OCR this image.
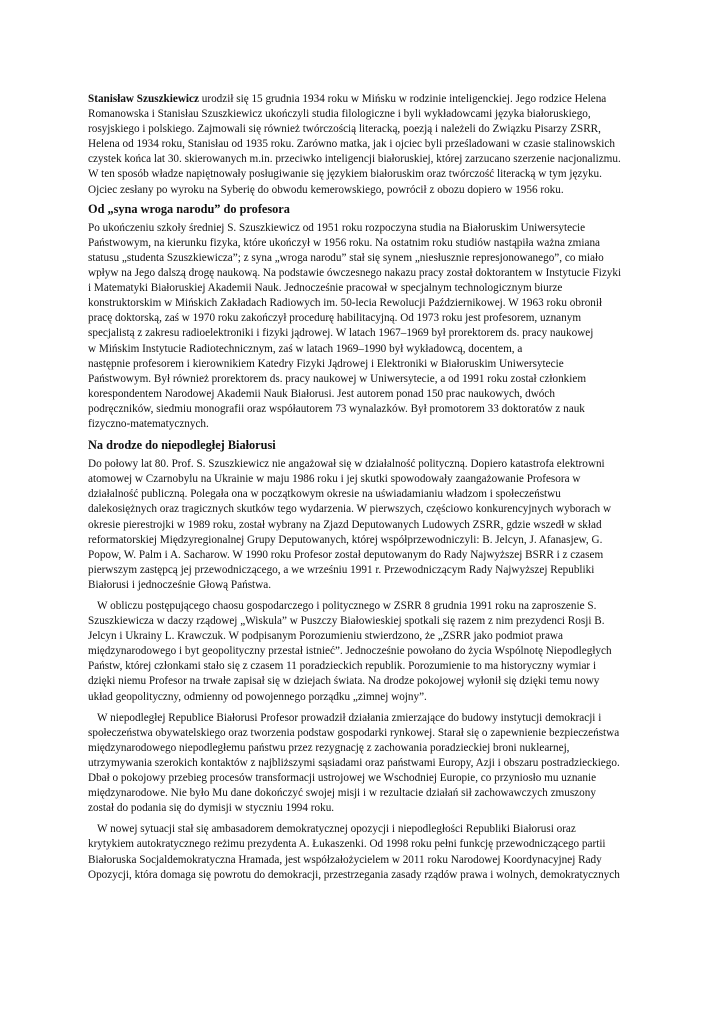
Stanisław Szuszkiewicz urodził się 15 grudnia 1934 roku w Mińsku w rodzinie inteligenckiej. Jego rodzice Helena
Romanowska i Stanisłau Szuszkiewicz ukończyli studia filologiczne i byli wykładowcami języka białoruskiego,
rosyjskiego i polskiego. Zajmowali się również twórczością literacką, poezją i należeli do Związku Pisarzy ZSRR,
Helena od 1934 roku, Stanisłau od 1935 roku. Zarówno matka, jak i ojciec byli prześladowani w czasie stalinowskich
czystek końca lat 30. skierowanych m.in. przeciwko inteligencji białoruskiej, której zarzucano szerzenie nacjonalizmu.
W ten sposób władze napiętnowały posługiwanie się językiem białoruskim oraz twórczość literacką w tym języku.
Ojciec zesłany po wyroku na Syberię do obwodu kemerowskiego, powrócił z obozu dopiero w 1956 roku.
Od „syna wroga narodu” do profesora
Po ukończeniu szkoły średniej S. Szuszkiewicz od 1951 roku rozpoczyna studia na Białoruskim Uniwersytecie
Państwowym, na kierunku fizyka, które ukończył w 1956 roku. Na ostatnim roku studiów nastąpiła ważna zmiana
statusu „studenta Szuszkiewicza”; z syna „wroga narodu” stał się synem „niesłusznie represjonowanego”, co miało
wpływ na Jego dalszą drogę naukową. Na podstawie ówczesnego nakazu pracy został doktorantem w Instytucie Fizyki
i Matematyki Białoruskiej Akademii Nauk. Jednocześnie pracował w specjalnym technologicznym biurze
konstruktorskim w Mińskich Zakładach Radiowych im. 50-lecia Rewolucji Październikowej. W 1963 roku obronił
pracę doktorską, zaś w 1970 roku zakończył procedurę habilitacyjną. Od 1973 roku jest profesorem, uznanym
specjalistą z zakresu radioelektroniki i fizyki jądrowej. W latach 1967–1969 był prorektorem ds. pracy naukowej
w Mińskim Instytucie Radiotechnicznym, zaś w latach 1969–1990 był wykładowcą, docentem, a
następnie profesorem i kierownikiem Katedry Fizyki Jądrowej i Elektroniki w Białoruskim Uniwersytecie
Państwowym. Był również prorektorem ds. pracy naukowej w Uniwersytecie, a od 1991 roku został członkiem
korespondentem Narodowej Akademii Nauk Białorusi. Jest autorem ponad 150 prac naukowych, dwóch
podręczników, siedmiu monografii oraz współautorem 73 wynalazków. Był promotorem 33 doktoratów z nauk
fizyczno-matematycznych.
Na drodze do niepodległej Białorusi
Do połowy lat 80. Prof. S. Szuszkiewicz nie angażował się w działalność polityczną. Dopiero katastrofa elektrowni
atomowej w Czarnobylu na Ukrainie w maju 1986 roku i jej skutki spowodowały zaangażowanie Profesora w
działalność publiczną. Polegała ona w początkowym okresie na uświadamianiu władzom i społeczeństwu
dalekosiężnych oraz tragicznych skutków tego wydarzenia. W pierwszych, częściowo konkurencyjnych wyborach w
okresie pierestrojki w 1989 roku, został wybrany na Zjazd Deputowanych Ludowych ZSRR, gdzie wszedł w skład
reformatorskiej Międzyregionalnej Grupy Deputowanych, której współprzewodniczyli: B. Jelcyn, J. Afanasjew, G.
Popow, W. Palm i A. Sacharow. W 1990 roku Profesor został deputowanym do Rady Najwyższej BSRR i z czasem
pierwszym zastępcą jej przewodniczącego, a we wrześniu 1991 r. Przewodniczącym Rady Najwyższej Republiki
Białorusi i jednocześnie Głową Państwa.
W obliczu postępującego chaosu gospodarczego i politycznego w ZSRR 8 grudnia 1991 roku na zaproszenie S.
Szuszkiewicza w daczy rządowej „Wiskula” w Puszczy Białowieskiej spotkali się razem z nim prezydenci Rosji B.
Jelcyn i Ukrainy L. Krawczuk. W podpisanym Porozumieniu stwierdzono, że „ZSRR jako podmiot prawa
międzynarodowego i byt geopolityczny przestał istnieć”. Jednocześnie powołano do życia Wspólnotę Niepodległych
Państw, której członkami stało się z czasem 11 poradzieckich republik. Porozumienie to ma historyczny wymiar i
dzięki niemu Profesor na trwałe zapisał się w dziejach świata. Na drodze pokojowej wyłonił się dzięki temu nowy
układ geopolityczny, odmienny od powojennego porządku „zimnej wojny”.
W niepodległej Republice Białorusi Profesor prowadził działania zmierzające do budowy instytucji demokracji i
społeczeństwa obywatelskiego oraz tworzenia podstaw gospodarki rynkowej. Starał się o zapewnienie bezpieczeństwa
międzynarodowego niepodległemu państwu przez rezygnację z zachowania poradzieckiej broni nuklearnej,
utrzymywania szerokich kontaktów z najbliższymi sąsiadami oraz państwami Europy, Azji i obszaru postradzieckiego.
Dbał o pokojowy przebieg procesów transformacji ustrojowej we Wschodniej Europie, co przyniosło mu uznanie
międzynarodowe. Nie było Mu dane dokończyć swojej misji i w rezultacie działań sił zachowawczych zmuszony
został do podania się do dymisji w styczniu 1994 roku.
W nowej sytuacji stał się ambasadorem demokratycznej opozycji i niepodległości Republiki Białorusi oraz
krytykiem autokratycznego reżimu prezydenta A. Łukaszenki. Od 1998 roku pełni funkcję przewodniczącego partii
Białoruska Socjaldemokratyczna Hramada, jest współzałożycielem w 2011 roku Narodowej Koordynacyjnej Rady
Opozycji, która domaga się powrotu do demokracji, przestrzegania zasady rządów prawa i wolnych, demokratycznych
